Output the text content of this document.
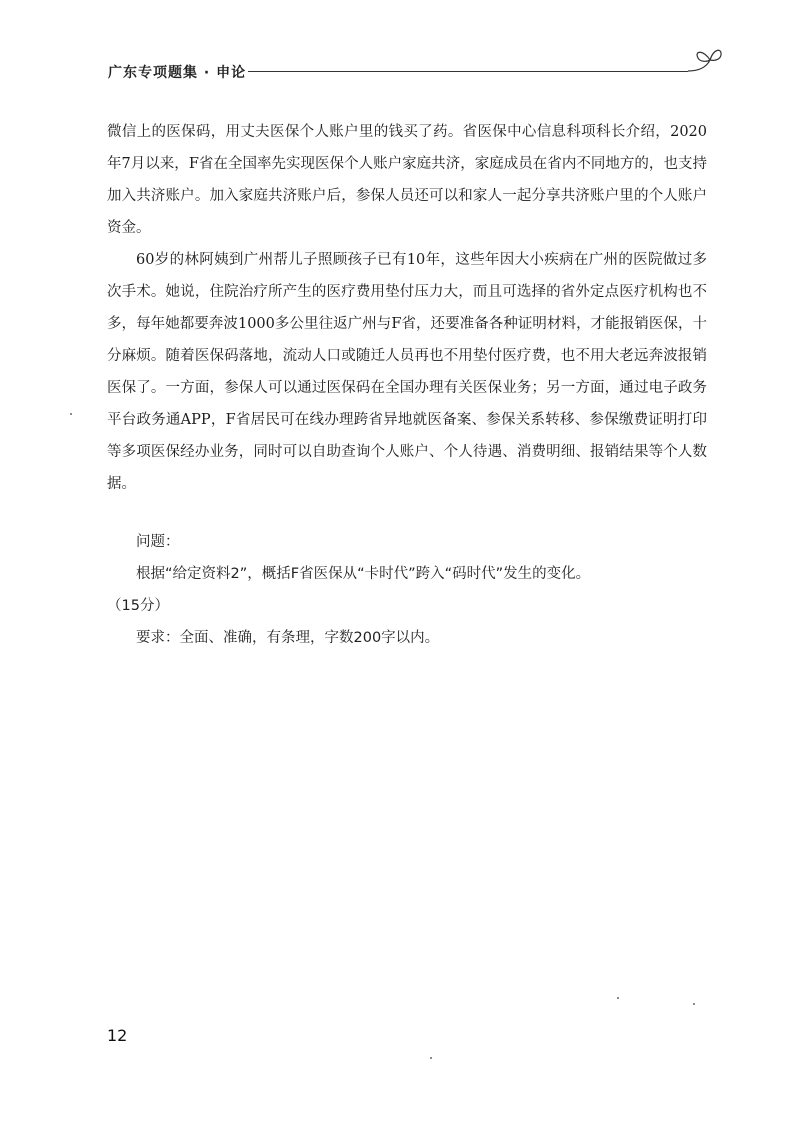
广东专项题集 · 申论

微信上的医保码，用丈夫医保个人账户里的钱买了药。省医保中心信息科项科长介绍，2020年7月以来，F省在全国率先实现医保个人账户家庭共济，家庭成员在省内不同地方的，也支持加入共济账户。加入家庭共济账户后，参保人员还可以和家人一起分享共济账户里的个人账户资金。

60岁的林阿姨到广州帮儿子照顾孩子已有10年，这些年因大小疾病在广州的医院做过多次手术。她说，住院治疗所产生的医疗费用垫付压力大，而且可选择的省外定点医疗机构也不多，每年她都要奔波1000多公里往返广州与F省，还要准备各种证明材料，才能报销医保，十分麻烦。随着医保码落地，流动人口或随迁人员再也不用垫付医疗费，也不用大老远奔波报销医保了。一方面，参保人可以通过医保码在全国办理有关医保业务；另一方面，通过电子政务平台政务通APP，F省居民可在线办理跨省异地就医备案、参保关系转移、参保缴费证明打印等多项医保经办业务，同时可以自助查询个人账户、个人待遇、消费明细、报销结果等个人数据。

问题：

根据“给定资料2”，概括F省医保从“卡时代”跨入“码时代”发生的变化。

（15分）

要求：全面、准确，有条理，字数200字以内。

12
